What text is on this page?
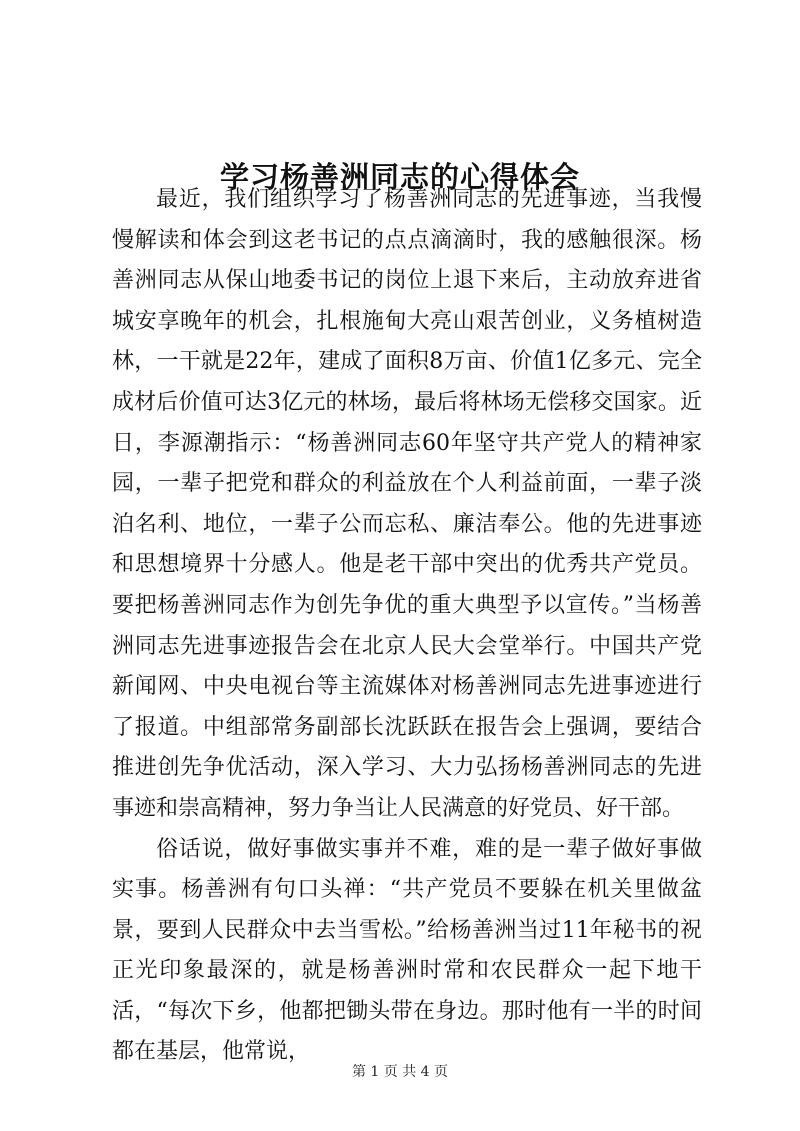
学习杨善洲同志的心得体会

最近，我们组织学习了杨善洲同志的先进事迹，当我慢慢解读和体会到这老书记的点点滴滴时，我的感触很深。杨善洲同志从保山地委书记的岗位上退下来后，主动放弃进省城安享晚年的机会，扎根施甸大亮山艰苦创业，义务植树造林，一干就是22年，建成了面积8万亩、价值1亿多元、完全成材后价值可达3亿元的林场，最后将林场无偿移交国家。近日，李源潮指示：“杨善洲同志60年坚守共产党人的精神家园，一辈子把党和群众的利益放在个人利益前面，一辈子淡泊名利、地位，一辈子公而忘私、廉洁奉公。他的先进事迹和思想境界十分感人。他是老干部中突出的优秀共产党员。要把杨善洲同志作为创先争优的重大典型予以宣传。”当杨善洲同志先进事迹报告会在北京人民大会堂举行。中国共产党新闻网、中央电视台等主流媒体对杨善洲同志先进事迹进行了报道。中组部常务副部长沈跃跃在报告会上强调，要结合推进创先争优活动，深入学习、大力弘扬杨善洲同志的先进事迹和崇高精神，努力争当让人民满意的好党员、好干部。

俗话说，做好事做实事并不难，难的是一辈子做好事做实事。杨善洲有句口头禅：“共产党员不要躲在机关里做盆景，要到人民群众中去当雪松。”给杨善洲当过11年秘书的祝正光印象最深的，就是杨善洲时常和农民群众一起下地干活，“每次下乡，他都把锄头带在身边。那时他有一半的时间都在基层，他常说，

第 1 页 共 4 页
